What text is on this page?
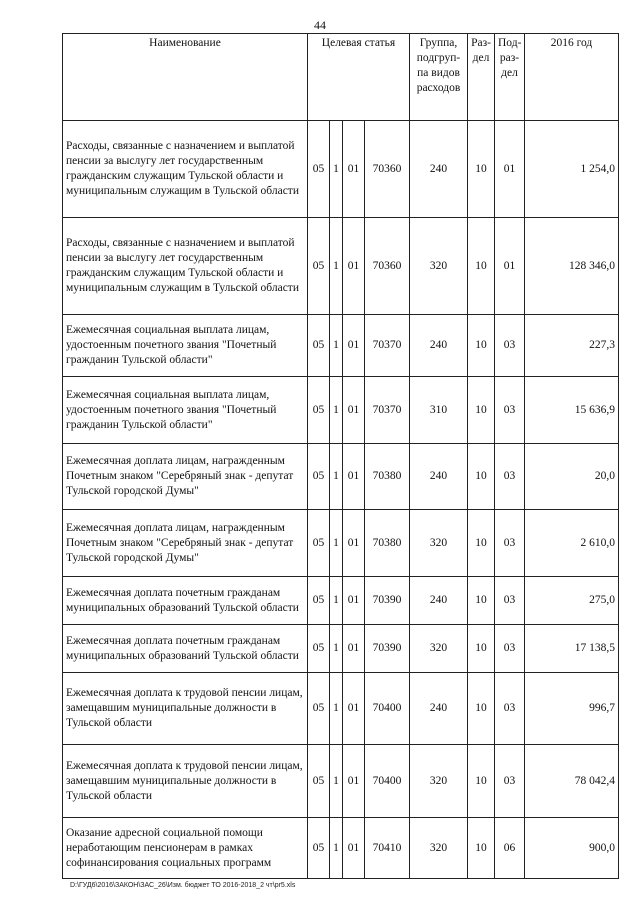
44
Наименование	Целевая статья				Группа, подгруп-па видов расходов	Раз-дел	Под-раз-дел	2016 год
Расходы, связанные с назначением и выплатой пенсии за выслугу лет государственным гражданским служащим Тульской области и муниципальным служащим в Тульской области	05	1	01	70360	240	10	01	1 254,0
Расходы, связанные с назначением и выплатой пенсии за выслугу лет государственным гражданским служащим Тульской области и муниципальным служащим в Тульской области	05	1	01	70360	320	10	01	128 346,0
Ежемесячная социальная выплата лицам, удостоенным почетного звания "Почетный гражданин Тульской области"	05	1	01	70370	240	10	03	227,3
Ежемесячная социальная выплата лицам, удостоенным почетного звания "Почетный гражданин Тульской области"	05	1	01	70370	310	10	03	15 636,9
Ежемесячная доплата лицам, награжденным Почетным знаком "Серебряный знак - депутат Тульской городской Думы"	05	1	01	70380	240	10	03	20,0
Ежемесячная доплата лицам, награжденным Почетным знаком "Серебряный знак - депутат Тульской городской Думы"	05	1	01	70380	320	10	03	2 610,0
Ежемесячная доплата почетным гражданам муниципальных образований Тульской области	05	1	01	70390	240	10	03	275,0
Ежемесячная доплата почетным гражданам муниципальных образований Тульской области	05	1	01	70390	320	10	03	17 138,5
Ежемесячная доплата к трудовой пенсии лицам, замещавшим муниципальные должности в Тульской области	05	1	01	70400	240	10	03	996,7
Ежемесячная доплата к трудовой пенсии лицам, замещавшим муниципальные должности в Тульской области	05	1	01	70400	320	10	03	78 042,4
Оказание адресной социальной помощи неработающим пенсионерам в рамках софинансирования социальных программ	05	1	01	70410	320	10	06	900,0
D:\ГУД6\2016\ЗАКОН\ЗАС_26\Изм. бюджет ТО 2016-2018_2 чт\pr5.xls
